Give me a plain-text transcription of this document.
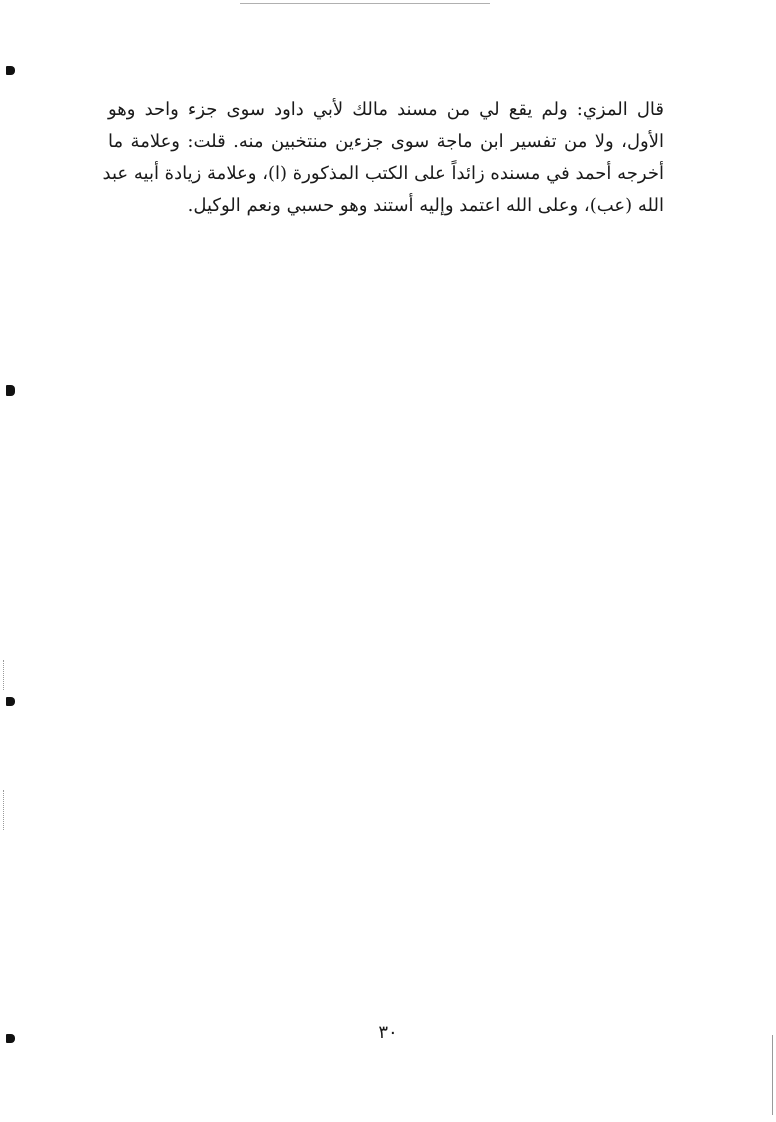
قال المزي: ولم يقع لي من مسند مالك لأبي داود سوى جزء واحد وهو
الأول، ولا من تفسير ابن ماجة سوى جزءين منتخبين منه. قلت: وعلامة ما
أخرجه أحمد في مسنده زائداً على الكتب المذكورة (ا)، وعلامة زيادة أبيه عبد
الله (عب)، وعلى الله اعتمد وإليه أستند وهو حسبي ونعم الوكيل.

٣٠
